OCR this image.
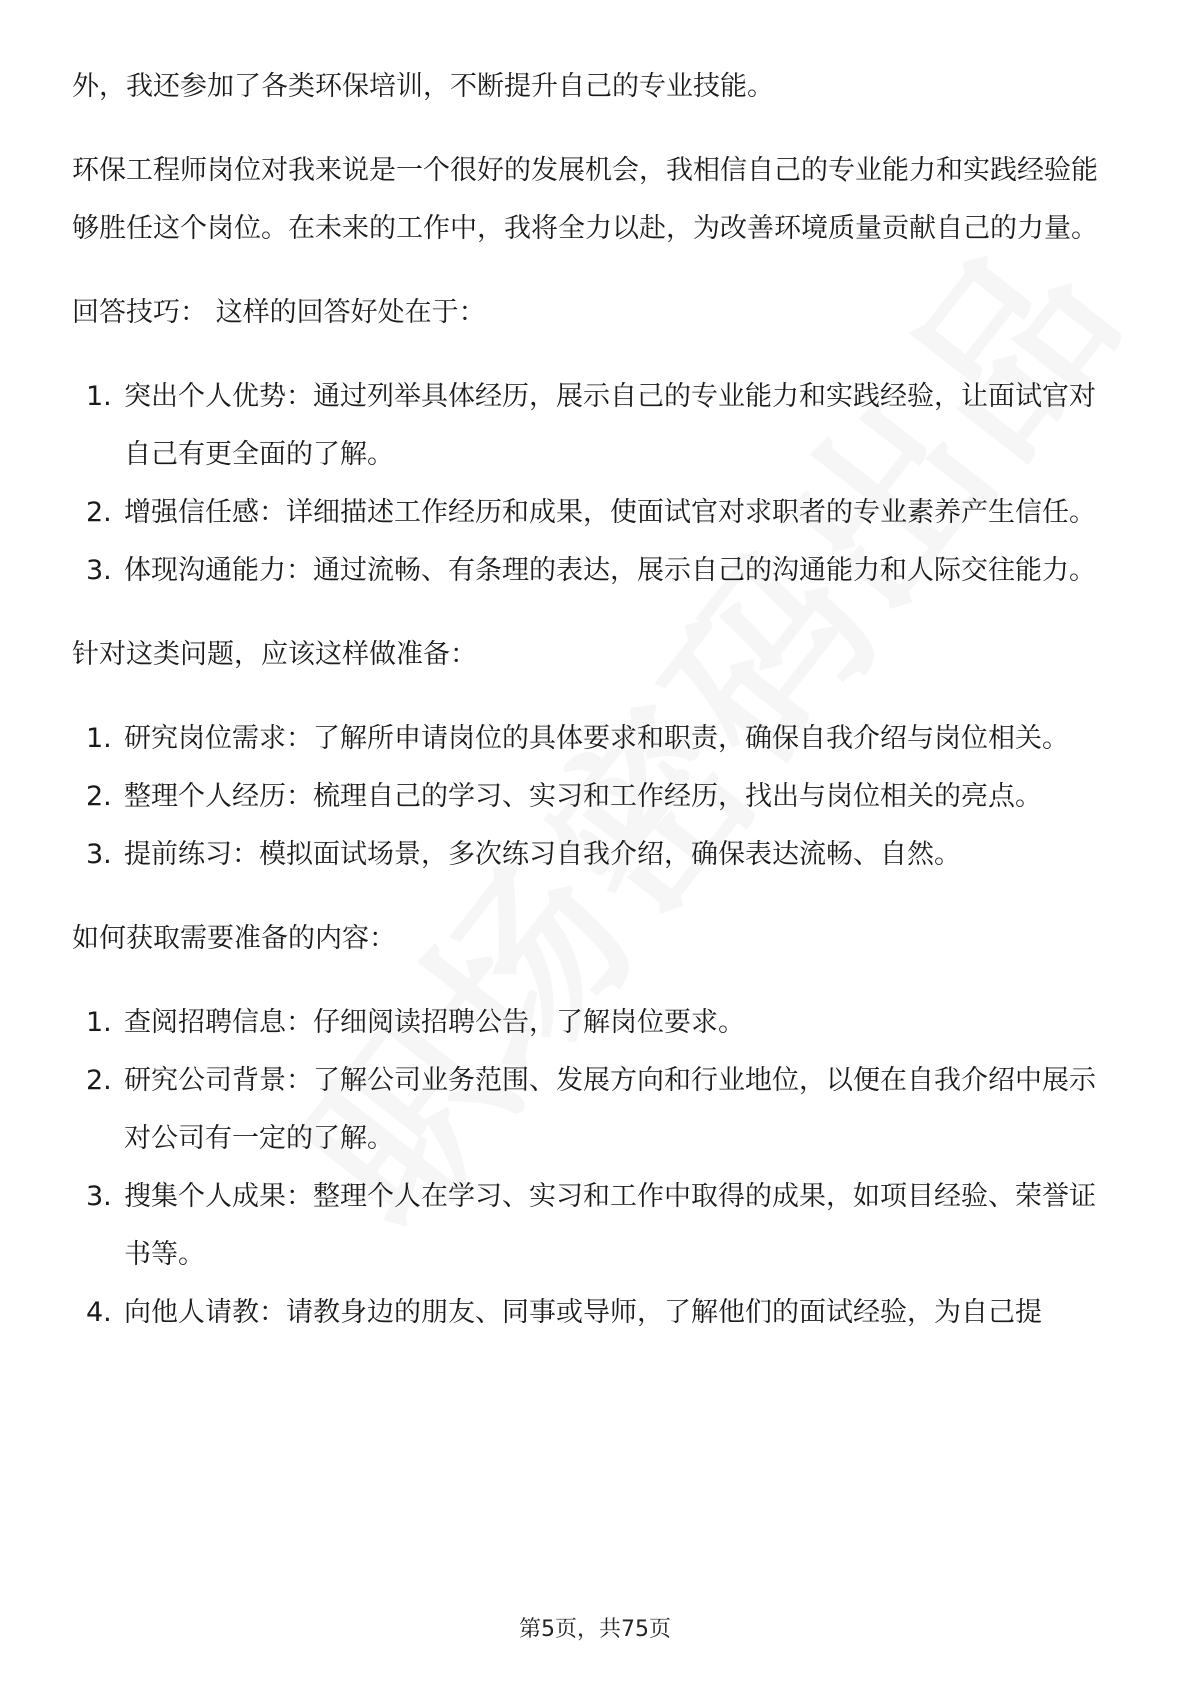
外，我还参加了各类环保培训，不断提升自己的专业技能。

环保工程师岗位对我来说是一个很好的发展机会，我相信自己的专业能力和实践经验能够胜任这个岗位。在未来的工作中，我将全力以赴，为改善环境质量贡献自己的力量。

回答技巧： 这样的回答好处在于：

1. 突出个人优势：通过列举具体经历，展示自己的专业能力和实践经验，让面试官对自己有更全面的了解。
2. 增强信任感：详细描述工作经历和成果，使面试官对求职者的专业素养产生信任。
3. 体现沟通能力：通过流畅、有条理的表达，展示自己的沟通能力和人际交往能力。

针对这类问题，应该这样做准备：

1. 研究岗位需求：了解所申请岗位的具体要求和职责，确保自我介绍与岗位相关。
2. 整理个人经历：梳理自己的学习、实习和工作经历，找出与岗位相关的亮点。
3. 提前练习：模拟面试场景，多次练习自我介绍，确保表达流畅、自然。

如何获取需要准备的内容：

1. 查阅招聘信息：仔细阅读招聘公告，了解岗位要求。
2. 研究公司背景：了解公司业务范围、发展方向和行业地位，以便在自我介绍中展示对公司有一定的了解。
3. 搜集个人成果：整理个人在学习、实习和工作中取得的成果，如项目经验、荣誉证书等。
4. 向他人请教：请教身边的朋友、同事或导师，了解他们的面试经验，为自己提
第5页，共75页
